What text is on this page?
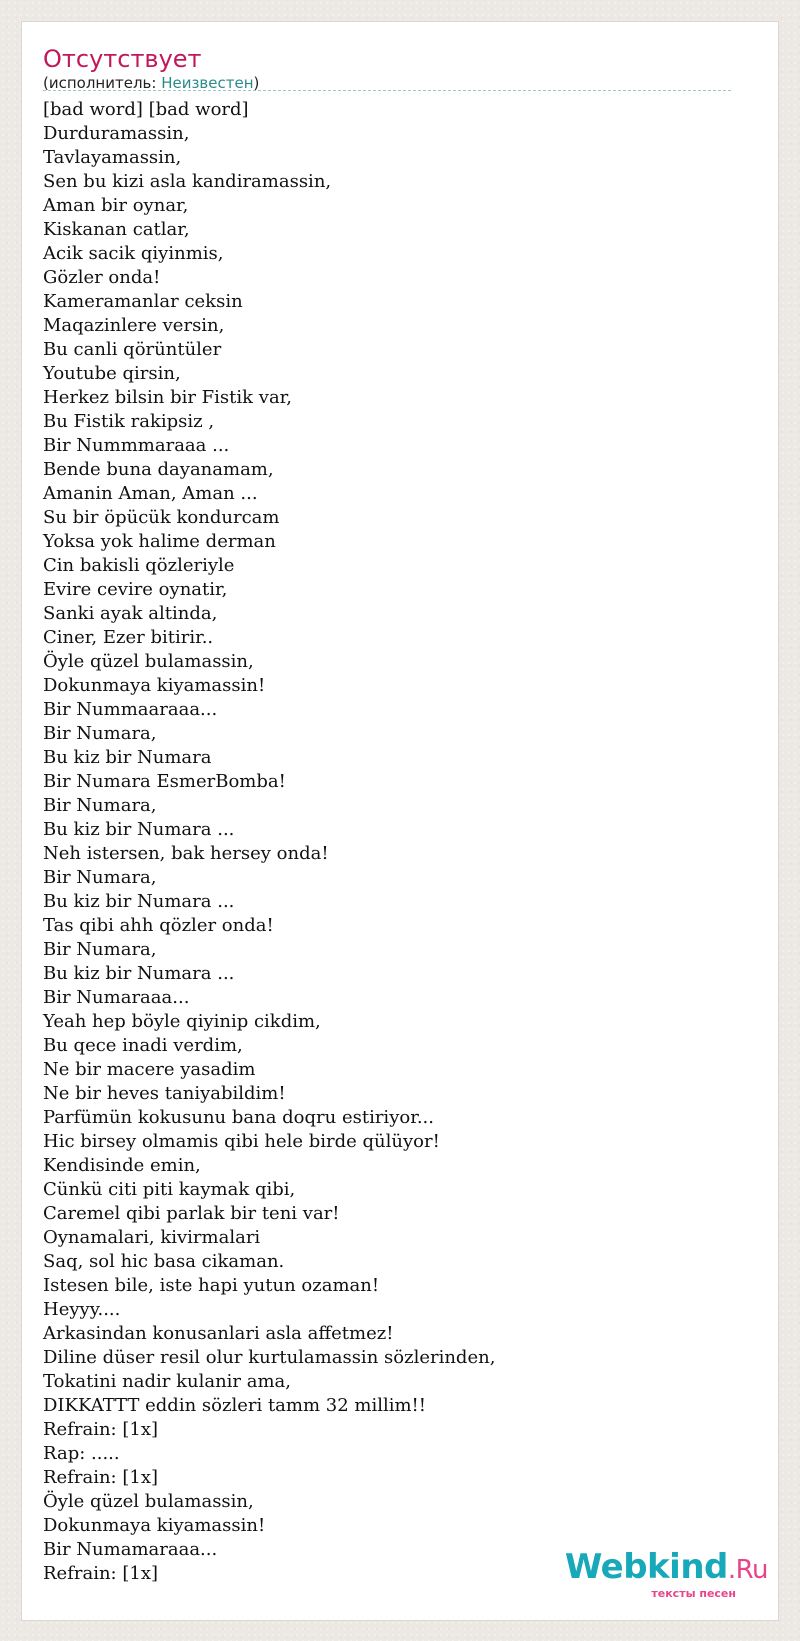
Отсутствует
(исполнитель: Неизвестен)
[bad word] [bad word]
Durduramassin,
Tavlayamassin,
Sen bu kizi asla kandiramassin,
Aman bir oynar,
Kiskanan catlar,
Acik sacik qiyinmis,
Gözler onda!
Kameramanlar ceksin
Maqazinlere versin,
Bu canli qörüntüler
Youtube qirsin,
Herkez bilsin bir Fistik var,
Bu Fistik rakipsiz ,
Bir Nummmaraaa ...
Bende buna dayanamam,
Amanin Aman, Aman ...
Su bir öpücük kondurcam
Yoksa yok halime derman
Cin bakisli qözleriyle
Evire cevire oynatir,
Sanki ayak altinda,
Ciner, Ezer bitirir..
Öyle qüzel bulamassin,
Dokunmaya kiyamassin!
Bir Nummaaraaa...
Bir Numara,
Bu kiz bir Numara
Bir Numara EsmerBomba!
Bir Numara,
Bu kiz bir Numara ...
Neh istersen, bak hersey onda!
Bir Numara,
Bu kiz bir Numara ...
Tas qibi ahh qözler onda!
Bir Numara,
Bu kiz bir Numara ...
Bir Numaraaa...
Yeah hep böyle qiyinip cikdim,
Bu qece inadi verdim,
Ne bir macere yasadim
Ne bir heves taniyabildim!
Parfümün kokusunu bana doqru estiriyor...
Hic birsey olmamis qibi hele birde qülüyor!
Kendisinde emin,
Cünkü citi piti kaymak qibi,
Caremel qibi parlak bir teni var!
Oynamalari, kivirmalari
Saq, sol hic basa cikaman.
Istesen bile, iste hapi yutun ozaman!
Heyyy....
Arkasindan konusanlari asla affetmez!
Diline düser resil olur kurtulamassin sözlerinden,
Tokatini nadir kulanir ama,
DIKKATTT eddin sözleri tamm 32 millim!!
Refrain: [1x]
Rap: .....
Refrain: [1x]
Öyle qüzel bulamassin,
Dokunmaya kiyamassin!
Bir Numamaraaa...
Refrain: [1x]	Webkind.Ru
тексты песен
